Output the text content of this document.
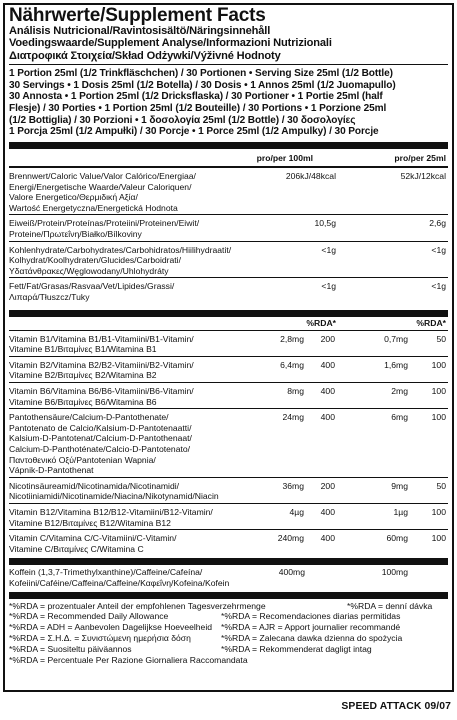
Nährwerte/Supplement Facts
Análisis Nutricional/Ravintosisältö/Näringsinnehåll
Voedingswaarde/Supplement Analyse/Informazioni Nutrizionali
Διατροφικά Στοιχεία/Skład Odżywki/Výživné Hodnoty
1 Portion 25ml (1/2 Trinkfläschchen) / 30 Portionen • Serving Size 25ml (1/2 Bottle)
30 Servings • 1 Dosis 25ml (1/2 Botella) / 30 Dosis • 1 Annos 25ml (1/2 Juomapullo)
30 Annosta • 1 Portion 25ml (1/2 Dricksflaska) / 30 Portioner • 1 Portie 25ml (half
Flesje) / 30 Porties • 1 Portion 25ml (1/2 Bouteille) / 30 Portions • 1 Porzione 25ml
(1/2 Bottiglia) / 30 Porzioni • 1 δοσολογία 25ml (1/2 Bottle) / 30 δοσολογίες
1 Porcja 25ml (1/2 Ampułki) / 30 Porcje • 1 Porce 25ml (1/2 Ampulky) / 30 Porcje
pro/per 100ml	pro/per 25ml
Brennwert/Caloric Value/Valor Calórico/Energiaa/
Energi/Energetische Waarde/Valeur Caloriquen/
Valore Energetico/Θερμιδική Αξία/
Wartość Energetyczna/Energetická Hodnota
206kJ/48kcal	52kJ/12kcal
Eiweiß/Protein/Proteínas/Proteiini/Proteinen/Eiwit/
Proteine/Πρωτεΐνη/Białko/Bílkoviny
10,5g	2,6g
Kohlenhydrate/Carbohydrates/Carbohidratos/Hiilihydraatit/
Kolhydrat/Koolhydraten/Glucides/Carboidrati/
Υδατάνθρακες/Węglowodany/Uhlohydráty
<1g	<1g
Fett/Fat/Grasas/Rasvaa/Vet/Lipides/Grassi/
Λιπαρά/Tłuszcz/Tuky
<1g	<1g
%RDA*	%RDA*
Vitamin B1/Vitamina B1/B1-Vitamiini/B1-Vitamin/
Vitamine B1/Βιταμίνες B1/Witamina B1
2,8mg 200	0,7mg	50
Vitamin B2/Vitamina B2/B2-Vitamiini/B2-Vitamin/
Vitamine B2/Βιταμίνες B2/Witamina B2
6,4mg 400	1,6mg	100
Vitamin B6/Vitamina B6/B6-Vitamiini/B6-Vitamin/
Vitamine B6/Βιταμίνες B6/Witamina B6
8mg 400	2mg	100
Pantothensäure/Calcium-D-Pantothenate/
Pantotenato de Calcio/Kalsium-D-Pantotenaatti/
Kalsium-D-Pantotenat/Calcium-D-Pantothenaat/
Calcium-D-Panthoténate/Calcio-D-Pantotenato/
Παντοθενικό Οξύ/Pantotenian Wapnia/
Vápnik-D-Pantothenat
24mg 400	6mg	100
Nicotinsäureamid/Nicotinamida/Nicotinamidi/
Nicotiiniamidi/Nicotinamide/Niacina/Nikotynamid/Niacin
36mg 200	9mg	50
Vitamin B12/Vitamina B12/B12-Vitamiini/B12-Vitamin/
Vitamine B12/Βιταμίνες B12/Witamina B12
4µg 400	1µg	100
Vitamin C/Vitamina C/C-Vitamiini/C-Vitamin/
Vitamine C/Βιταμίνες C/Witamina C
240mg 400	60mg	100
Koffein (1,3,7-Trimethylxanthine)/Caffeine/Cafeína/
Kofeiini/Caféine/Caffeina/Caffeine/Καφεΐνη/Kofeina/Kofein
400mg	100mg
*%RDA = prozentualer Anteil der empfohlenen Tagesverzehrmenge	*%RDA = denní dávka
*%RDA = Recommended Daily Allowance	*%RDA = Recomendaciones diarias permitidas
*%RDA = ADH = Aanbevolen Dagelijkse Hoeveelheid *%RDA = AJR = Apport journalier recommandé
*%RDA = Σ.Η.Δ. = Συνιστώμενη ημερήσια δόση	*%RDA = Zalecana dawka dzienna do spożycia
*%RDA = Suositeltu päiväannos	*%RDA = Rekommenderat dagligt intag
*%RDA = Percentuale Per Razione Giornaliera Raccomandata
SPEED ATTACK 09/07
